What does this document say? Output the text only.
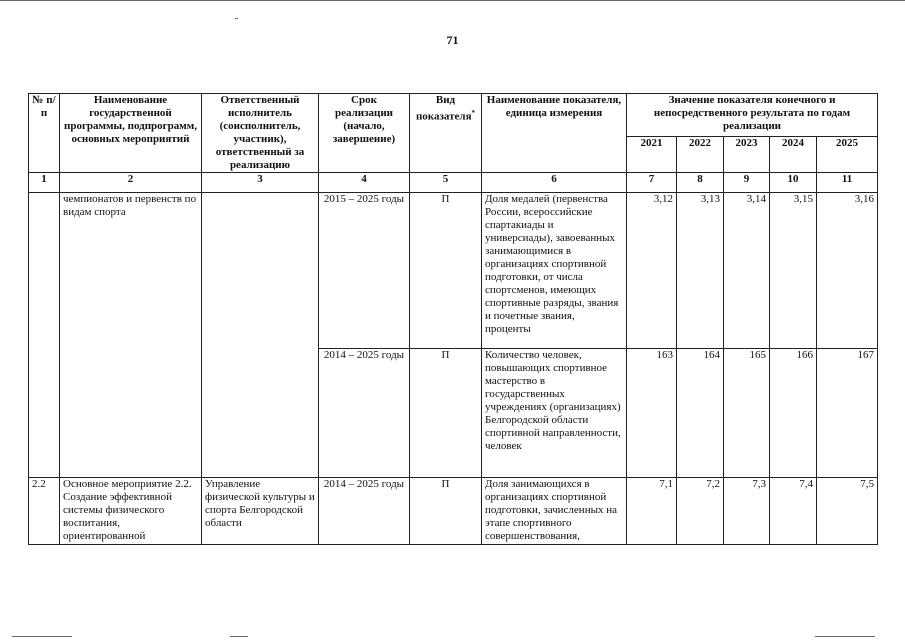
71
№ п/п	Наименование государственной программы, подпрограмм, основных мероприятий	Ответственный исполнитель (соисполнитель, участник), ответственный за реализацию	Срок реализации (начало, завершение)	Вид показателя*	Наименование показателя, единица измерения	Значение показателя конечного и непосредственного результата по годам реализации				
						2021	2022	2023	2024	2025
1	2	3	4	5	6	7	8	9	10	11
	чемпионатов и первенств по видам спорта		2015 – 2025 годы	П	Доля медалей (первенства России, всероссийские спартакиады и универсиады), завоеванных занимающимися в организациях спортивной подготовки, от числа спортсменов, имеющих спортивные разряды, звания и почетные звания, проценты	3,12	3,13	3,14	3,15	3,16
			2014 – 2025 годы	П	Количество человек, повышающих спортивное мастерство в государственных учреждениях (организациях) Белгородской области спортивной направленности, человек	163	164	165	166	167
2.2	Основное мероприятие 2.2. Создание эффективной системы физического воспитания, ориентированной	Управление физической культуры и спорта Белгородской области	2014 – 2025 годы	П	Доля занимающихся в организациях спортивной подготовки, зачисленных на этапе спортивного совершенствования,	7,1	7,2	7,3	7,4	7,5
